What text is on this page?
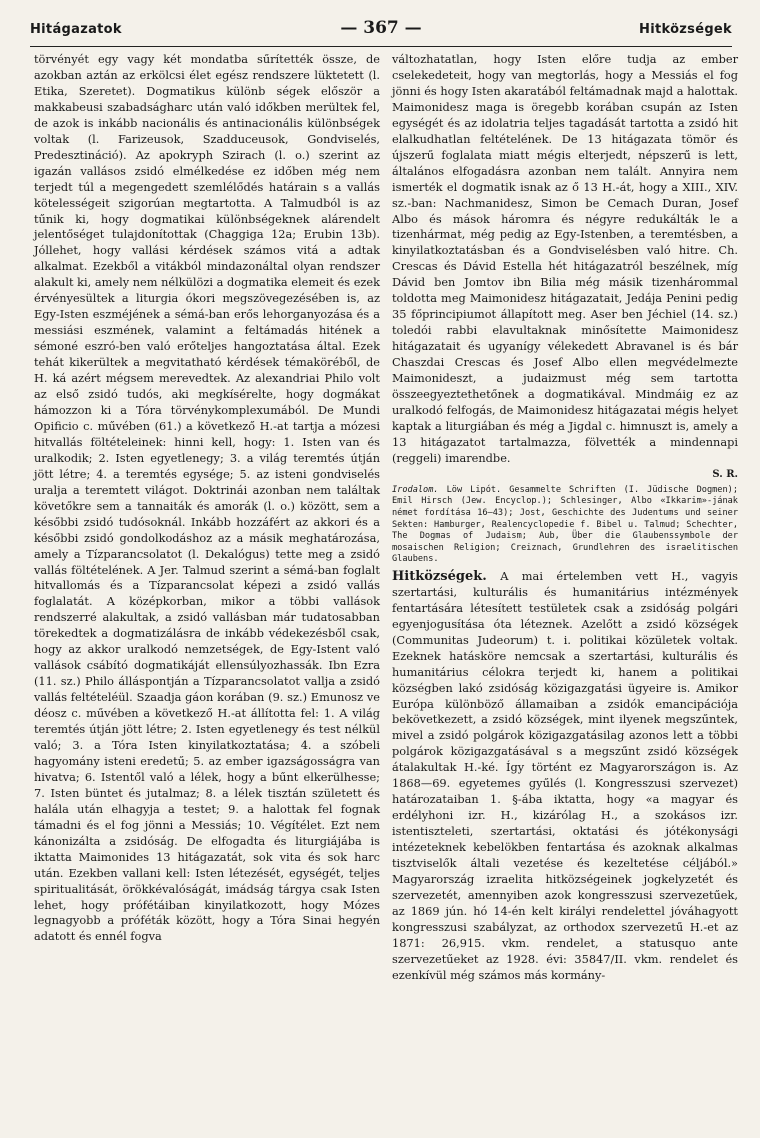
Hitágazatok	— 367 —	Hitközségek

törvényét egy vagy két mondatba sűrítették össze, de azokban aztán az erkölcsi élet egész rendszere lüktetett (l. Etika, Szeretet). Dogmatikus különb ségek először a makkabeusi szabadságharc után való időkben merültek fel, de azok is inkább nacionális és antinacionális különbségek voltak (l. Farizeusok, Szadduceusok, Gondviselés, Predesztináció). Az apokryph Szirach (l. o.) szerint az igazán vallásos zsidó elmélkedése ez időben még nem terjedt túl a megengedett szemlélődés határain s a vallás kötelességeit szigorúan megtartotta. A Talmudból is az tűnik ki, hogy dogmatikai különbségeknek alárendelt jelentőséget tulajdonítottak (Chaggiga 12a; Erubin 13b). Jóllehet, hogy vallási kérdések számos vitá a adtak alkalmat. Ezekből a vitákból mindazonáltal olyan rendszer alakult ki, amely nem nélkülözi a dogmatika elemeit és ezek érvényesültek a liturgia ókori megszövegezésében is, az Egy-Isten eszméjének a sémá-ban erős lehorganyozása és a messiási eszmének, valamint a feltámadás hitének a sémoné eszró-ben való erőteljes hangoztatása által. Ezek tehát kikerültek a megvitatható kérdések témaköréből, de H. ká azért mégsem merevedtek. Az alexandriai Philo volt az első zsidó tudós, aki megkísérelte, hogy dogmákat hámozzon ki a Tóra törvénykomplexumából. De Mundi Opificio c. művében (61.) a következő H.-at tartja a mózesi hitvallás föltételeinek: hinni kell, hogy: 1. Isten van és uralkodik; 2. Isten egyetlenegy; 3. a világ teremtés útján jött létre; 4. a teremtés egysége; 5. az isteni gondviselés uralja a teremtett világot. Doktrinái azonban nem találtak követőkre sem a tannaiták és amorák (l. o.) között, sem a későbbi zsidó tudósoknál. Inkább hozzáfért az akkori és a későbbi zsidó gondolkodáshoz az a másik meghatározása, amely a Tízparancsolatot (l. Dekalógus) tette meg a zsidó vallás föltételének. A Jer. Talmud szerint a sémá-ban foglalt hitvallomás és a Tízparancsolat képezi a zsidó vallás foglalatát. A középkorban, mikor a többi vallások rendszerré alakultak, a zsidó vallásban már tudatosabban törekedtek a dogmatizálásra de inkább védekezésből csak, hogy az akkor uralkodó nemzetségek, de Egy-Istent való vallások csábító dogmatikáját ellensúlyozhassák. Ibn Ezra (11. sz.) Philo álláspontján a Tízparancsolatot vallja a zsidó vallás feltételéül. Szaadja gáon korában (9. sz.) Emunosz ve déosz c. művében a következő H.-at állította fel: 1. A világ teremtés útján jött létre; 2. Isten egyetlenegy és test nélkül való; 3. a Tóra Isten kinyilatkoztatása; 4. a szóbeli hagyomány isteni eredetű; 5. az ember igazságosságra van hivatva; 6. Istentől való a lélek, hogy a bűnt elkerülhesse; 7. Isten büntet és jutalmaz; 8. a lélek tisztán született és halála után elhagyja a testet; 9. a halottak fel fognak támadni és el fog jönni a Messiás; 10. Végítélet. Ezt nem kánonizálta a zsidóság. De elfogadta és liturgiájába is iktatta Maimonides 13 hitágazatát, sok vita és sok harc után. Ezekben vallani kell: Isten létezését, egységét, teljes spiritualitását, örökkévalóságát, imádság tárgya csak Isten lehet, hogy prófétáiban kinyilatkozott, hogy Mózes legnagyobb a próféták között, hogy a Tóra Sinai hegyén adatott és ennél fogva

változhatatlan, hogy Isten előre tudja az ember cselekedeteit, hogy van megtorlás, hogy a Messiás el fog jönni és hogy Isten akaratából feltámadnak majd a halottak. Maimonidesz maga is öregebb korában csupán az Isten egységét és az idolatria teljes tagadását tartotta a zsidó hit elalkudhatlan feltételének. De 13 hitágazata tömör és újszerű foglalata miatt mégis elterjedt, népszerű is lett, általános elfogadásra azonban nem talált. Annyira nem ismerték el dogmatik isnak az ő 13 H.-át, hogy a XIII., XIV. sz.-ban: Nachmanidesz, Simon be Cemach Duran, Josef Albo és mások háromra és négyre redukálták le a tizenhármat, még pedig az Egy-Istenben, a teremtésben, a kinyilatkoztatásban és a Gondviselésben való hitre. Ch. Crescas és Dávid Estella hét hitágazatról beszélnek, míg Dávid ben Jomtov ibn Bilia még másik tizenhárommal toldotta meg Maimonidesz hitágazatait, Jedája Penini pedig 35 főprincipiumot állapított meg. Aser ben Jéchiel (14. sz.) toledói rabbi elavultaknak minősítette Maimonidesz hitágazatait és ugyanígy vélekedett Abravanel is és bár Chaszdai Crescas és Josef Albo ellen megvédelmezte Maimonideszt, a judaizmust még sem tartotta összeegyeztethetőnek a dogmatikával. Mindmáig ez az uralkodó felfogás, de Maimonidesz hitágazatai mégis helyet kaptak a liturgiában és még a Jigdal c. himnuszt is, amely a 13 hitágazatot tartalmazza, fölvették a mindennapi (reggeli) imarendbe.

S. R.
Irodalom. Löw Lipót. Gesammelte Schriften (I. Jüdische Dogmen); Emil Hirsch (Jew. Encyclop.); Schlesinger, Albo «Ikkarim»-jának német fordítása 16—43); Jost, Geschichte des Judentums und seiner Sekten: Hamburger, Realencyclopedie f. Bibel u. Talmud; Schechter, The Dogmas of Judaism; Aub, Über die Glaubenssymbole der mosaischen Religion; Creiznach, Grundlehren des israelitischen Glaubens.

Hitközségek. A mai értelemben vett H., vagyis szertartási, kulturális és humanitárius intézmények fentartására létesített testületek csak a zsidóság polgári egyenjogusítása óta léteznek. Azelőtt a zsidó községek (Communitas Judeorum) t. i. politikai közületek voltak. Ezeknek hatásköre nemcsak a szertartási, kulturális és humanitárius célokra terjedt ki, hanem a politikai községben lakó zsidóság közigazgatási ügyeire is. Amikor Európa különböző államaiban a zsidók emancipációja bekövetkezett, a zsidó községek, mint ilyenek megszűntek, mivel a zsidó polgárok közigazgatásilag azonos lett a többi polgárok közigazgatásával s a megszűnt zsidó községek átalakultak H.-ké. Így történt ez Magyarországon is. Az 1868—69. egyetemes gyűlés (l. Kongresszusi szervezet) határozataiban 1. §-ába iktatta, hogy «a magyar és erdélyhoni izr. H., kizárólag H., a szokásos izr. istentiszteleti, szertartási, oktatási és jótékonysági intézeteknek kebelökben fentartása és azoknak alkalmas tisztviselők általi vezetése és kezeltetése céljából.» Magyarország izraelita hitközségeinek jogkelyzetét és szervezetét, amennyiben azok kongresszusi szervezetűek, az 1869 jún. hó 14-én kelt királyi rendelettel jóváhagyott kongresszusi szabályzat, az orthodox szervezetű H.-et az 1871: 26,915. vkm. rendelet, a statusquo ante szervezetűeket az 1928. évi: 35847/II. vkm. rendelet és ezenkívül még számos más kormány-
